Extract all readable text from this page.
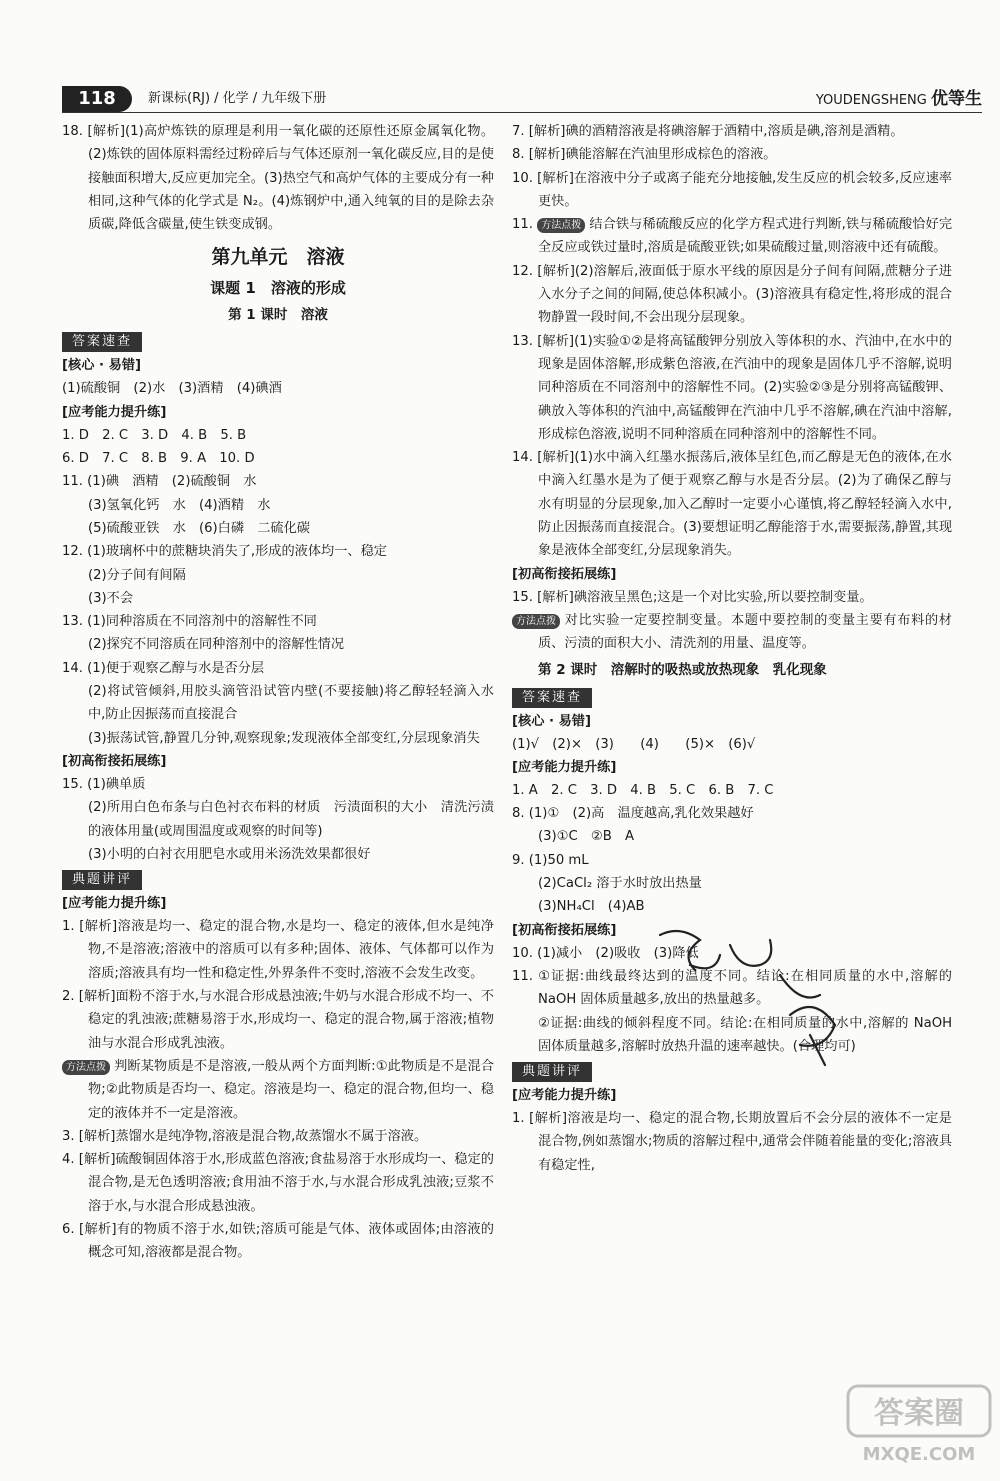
118	新课标(RJ) / 化学 / 九年级下册	YOUDENGSHENG 优等生

18. [解析](1)高炉炼铁的原理是利用一氧化碳的还原性还原金属氧化物。(2)炼铁的固体原料需经过粉碎后与气体还原剂一氧化碳反应,目的是使接触面积增大,反应更加完全。(3)热空气和高炉气体的主要成分有一种相同,这种气体的化学式是 N₂。(4)炼钢炉中,通入纯氧的目的是除去杂质碳,降低含碳量,使生铁变成钢。

第九单元　溶液
课题 1　溶液的形成
第 1 课时　溶液
答案速查
[核心 · 易错]

(1)硫酸铜　(2)水　(3)酒精　(4)碘酒

[应考能力提升练]

1. D　2. C　3. D　4. B　5. B

6. D　7. C　8. B　9. A　10. D

11. (1)碘　酒精　(2)硫酸铜　水

(3)氢氧化钙　水　(4)酒精　水

(5)硫酸亚铁　水　(6)白磷　二硫化碳

12. (1)玻璃杯中的蔗糖块消失了,形成的液体均一、稳定

(2)分子间有间隔

(3)不会

13. (1)同种溶质在不同溶剂中的溶解性不同

(2)探究不同溶质在同种溶剂中的溶解性情况

14. (1)便于观察乙醇与水是否分层

(2)将试管倾斜,用胶头滴管沿试管内壁(不要接触)将乙醇轻轻滴入水中,防止因振荡而直接混合

(3)振荡试管,静置几分钟,观察现象;发现液体全部变红,分层现象消失

[初高衔接拓展练]

15. (1)碘单质

(2)所用白色布条与白色衬衣布料的材质　污渍面积的大小　清洗污渍的液体用量(或周围温度或观察的时间等)

(3)小明的白衬衣用肥皂水或用米汤洗效果都很好

典题讲评
[应考能力提升练]

1. [解析]溶液是均一、稳定的混合物,水是均一、稳定的液体,但水是纯净物,不是溶液;溶液中的溶质可以有多种;固体、液体、气体都可以作为溶质;溶液具有均一性和稳定性,外界条件不变时,溶液不会发生改变。

2. [解析]面粉不溶于水,与水混合形成悬浊液;牛奶与水混合形成不均一、不稳定的乳浊液;蔗糖易溶于水,形成均一、稳定的混合物,属于溶液;植物油与水混合形成乳浊液。

方法点拨 判断某物质是不是溶液,一般从两个方面判断:①此物质是不是混合物;②此物质是否均一、稳定。溶液是均一、稳定的混合物,但均一、稳定的液体并不一定是溶液。

3. [解析]蒸馏水是纯净物,溶液是混合物,故蒸馏水不属于溶液。

4. [解析]硫酸铜固体溶于水,形成蓝色溶液;食盐易溶于水形成均一、稳定的混合物,是无色透明溶液;食用油不溶于水,与水混合形成乳浊液;豆浆不溶于水,与水混合形成悬浊液。

6. [解析]有的物质不溶于水,如铁;溶质可能是气体、液体或固体;由溶液的概念可知,溶液都是混合物。

7. [解析]碘的酒精溶液是将碘溶解于酒精中,溶质是碘,溶剂是酒精。

8. [解析]碘能溶解在汽油里形成棕色的溶液。

10. [解析]在溶液中分子或离子能充分地接触,发生反应的机会较多,反应速率更快。

11. 方法点拨 结合铁与稀硫酸反应的化学方程式进行判断,铁与稀硫酸恰好完全反应或铁过量时,溶质是硫酸亚铁;如果硫酸过量,则溶液中还有硫酸。

12. [解析](2)溶解后,液面低于原水平线的原因是分子间有间隔,蔗糖分子进入水分子之间的间隔,使总体积减小。(3)溶液具有稳定性,将形成的混合物静置一段时间,不会出现分层现象。

13. [解析](1)实验①②是将高锰酸钾分别放入等体积的水、汽油中,在水中的现象是固体溶解,形成紫色溶液,在汽油中的现象是固体几乎不溶解,说明同种溶质在不同溶剂中的溶解性不同。(2)实验②③是分别将高锰酸钾、碘放入等体积的汽油中,高锰酸钾在汽油中几乎不溶解,碘在汽油中溶解,形成棕色溶液,说明不同种溶质在同种溶剂中的溶解性不同。

14. [解析](1)水中滴入红墨水振荡后,液体呈红色,而乙醇是无色的液体,在水中滴入红墨水是为了便于观察乙醇与水是否分层。(2)为了确保乙醇与水有明显的分层现象,加入乙醇时一定要小心谨慎,将乙醇轻轻滴入水中,防止因振荡而直接混合。(3)要想证明乙醇能溶于水,需要振荡,静置,其现象是液体全部变红,分层现象消失。

[初高衔接拓展练]

15. [解析]碘溶液呈黑色;这是一个对比实验,所以要控制变量。

方法点拨 对比实验一定要控制变量。本题中要控制的变量主要有布料的材质、污渍的面积大小、清洗剂的用量、温度等。

第 2 课时　溶解时的吸热或放热现象　乳化现象
答案速查
[核心 · 易错]

(1)√　(2)×　(3)　　(4)　　(5)×　(6)√

[应考能力提升练]

1. A　2. C　3. D　4. B　5. C　6. B　7. C

8. (1)①　(2)高　温度越高,乳化效果越好

(3)①C　②B　A

9. (1)50 mL

(2)CaCl₂ 溶于水时放出热量

(3)NH₄Cl　(4)AB

[初高衔接拓展练]

10. (1)减小　(2)吸收　(3)降低

11. ①证据:曲线最终达到的温度不同。结论:在相同质量的水中,溶解的 NaOH 固体质量越多,放出的热量越多。

②证据:曲线的倾斜程度不同。结论:在相同质量的水中,溶解的 NaOH 固体质量越多,溶解时放热升温的速率越快。(合理均可)

典题讲评
[应考能力提升练]

1. [解析]溶液是均一、稳定的混合物,长期放置后不会分层的液体不一定是混合物,例如蒸馏水;物质的溶解过程中,通常会伴随着能量的变化;溶液具有稳定性,

答案圈
MXQE.COM
